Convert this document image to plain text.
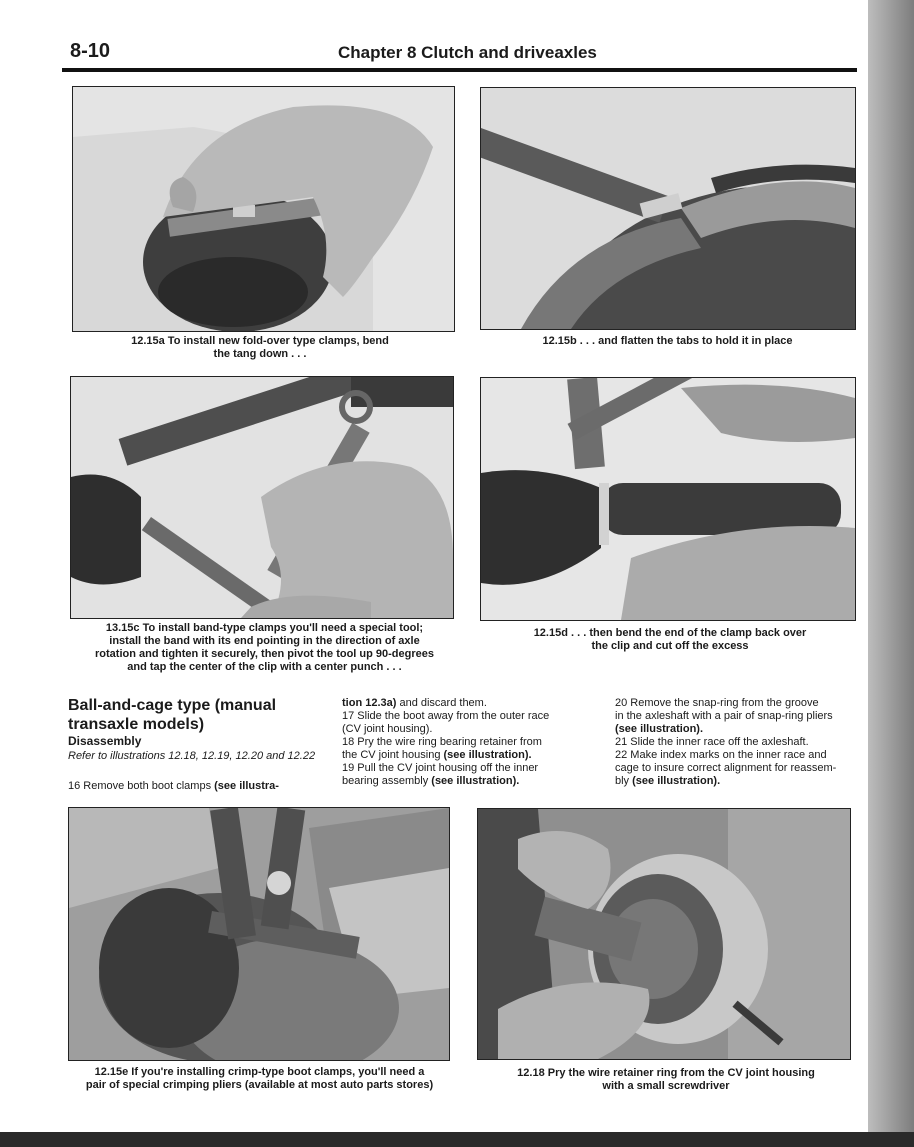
8-10	Chapter 8 Clutch and driveaxles
12.15a To install new fold-over type clamps, bend
the tang down . . .
12.15b . . . and flatten the tabs to hold it in place
13.15c To install band-type clamps you'll need a special tool;
install the band with its end pointing in the direction of axle
rotation and tighten it securely, then pivot the tool up 90-degrees
and tap the center of the clip with a center punch . . .
12.15d . . . then bend the end of the clamp back over
the clip and cut off the excess
Ball-and-cage type (manual
transaxle models)
Disassembly
Refer to illustrations 12.18, 12.19, 12.20 and 12.22
16 Remove both boot clamps (see illustra-
tion 12.3a) and discard them.
17 Slide the boot away from the outer race
(CV joint housing).
18 Pry the wire ring bearing retainer from
the CV joint housing (see illustration).
19 Pull the CV joint housing off the inner
bearing assembly (see illustration).
20 Remove the snap-ring from the groove
in the axleshaft with a pair of snap-ring pliers
(see illustration).
21 Slide the inner race off the axleshaft.
22 Make index marks on the inner race and
cage to insure correct alignment for reassem-
bly (see illustration).
12.15e If you're installing crimp-type boot clamps, you'll need a
pair of special crimping pliers (available at most auto parts stores)
12.18 Pry the wire retainer ring from the CV joint housing
with a small screwdriver
